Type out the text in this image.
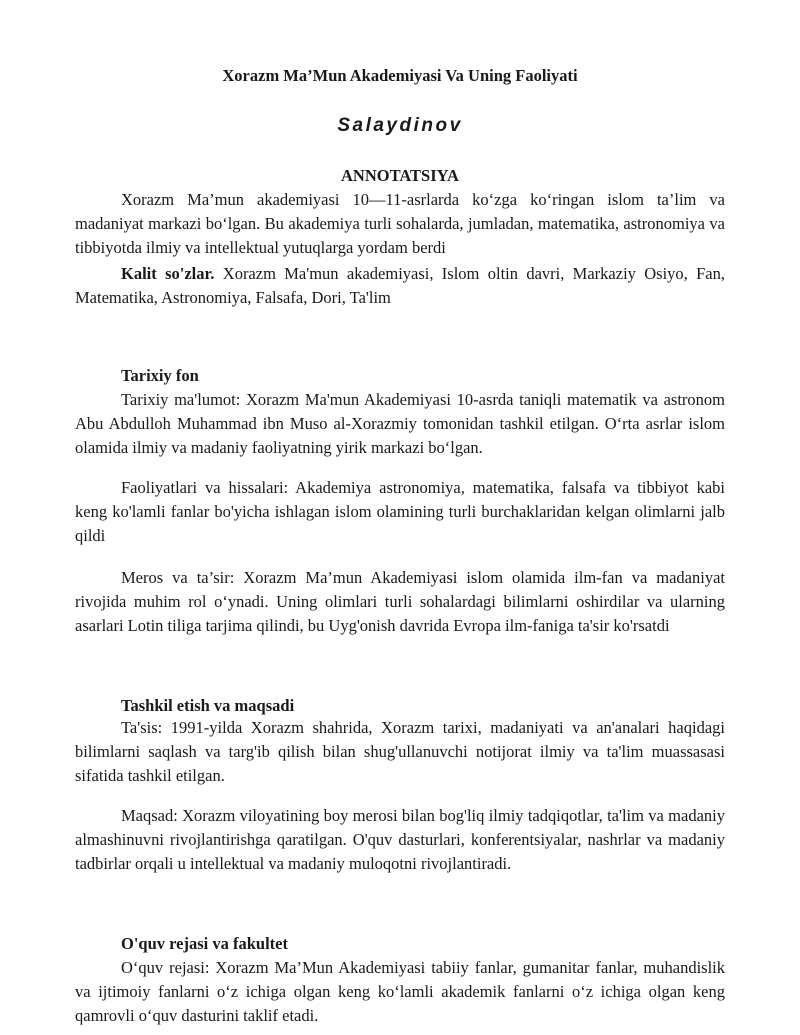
Xorazm Ma’Mun Akademiyasi Va Uning Faoliyati
Salaydinov
ANNOTATSIYA

Xorazm Ma’mun akademiyasi 10—11-asrlarda ko‘zga ko‘ringan islom ta’lim va madaniyat markazi bo‘lgan. Bu akademiya turli sohalarda, jumladan, matematika, astronomiya va tibbiyotda ilmiy va intellektual yutuqlarga yordam berdi

Kalit so'zlar. Xorazm Ma'mun akademiyasi, Islom oltin davri, Markaziy Osiyo, Fan, Matematika, Astronomiya, Falsafa, Dori, Ta'lim

Tarixiy fon

Tarixiy ma'lumot: Xorazm Ma'mun Akademiyasi 10-asrda taniqli matematik va astronom Abu Abdulloh Muhammad ibn Muso al-Xorazmiy tomonidan tashkil etilgan. O‘rta asrlar islom olamida ilmiy va madaniy faoliyatning yirik markazi bo‘lgan.

Faoliyatlari va hissalari: Akademiya astronomiya, matematika, falsafa va tibbiyot kabi keng ko'lamli fanlar bo'yicha ishlagan islom olamining turli burchaklaridan kelgan olimlarni jalb qildi

Meros va ta’sir: Xorazm Ma’mun Akademiyasi islom olamida ilm-fan va madaniyat rivojida muhim rol o‘ynadi. Uning olimlari turli sohalardagi bilimlarni oshirdilar va ularning asarlari Lotin tiliga tarjima qilindi, bu Uyg'onish davrida Evropa ilm-faniga ta'sir ko'rsatdi

Tashkil etish va maqsadi

Ta'sis: 1991-yilda Xorazm shahrida, Xorazm tarixi, madaniyati va an'analari haqidagi bilimlarni saqlash va targ'ib qilish bilan shug'ullanuvchi notijorat ilmiy va ta'lim muassasasi sifatida tashkil etilgan.

Maqsad: Xorazm viloyatining boy merosi bilan bog'liq ilmiy tadqiqotlar, ta'lim va madaniy almashinuvni rivojlantirishga qaratilgan. O'quv dasturlari, konferentsiyalar, nashrlar va madaniy tadbirlar orqali u intellektual va madaniy muloqotni rivojlantiradi.

O'quv rejasi va fakultet

O‘quv rejasi: Xorazm Ma’Mun Akademiyasi tabiiy fanlar, gumanitar fanlar, muhandislik va ijtimoiy fanlarni o‘z ichiga olgan keng ko‘lamli akademik fanlarni o‘z ichiga olgan keng qamrovli o‘quv dasturini taklif etadi.
